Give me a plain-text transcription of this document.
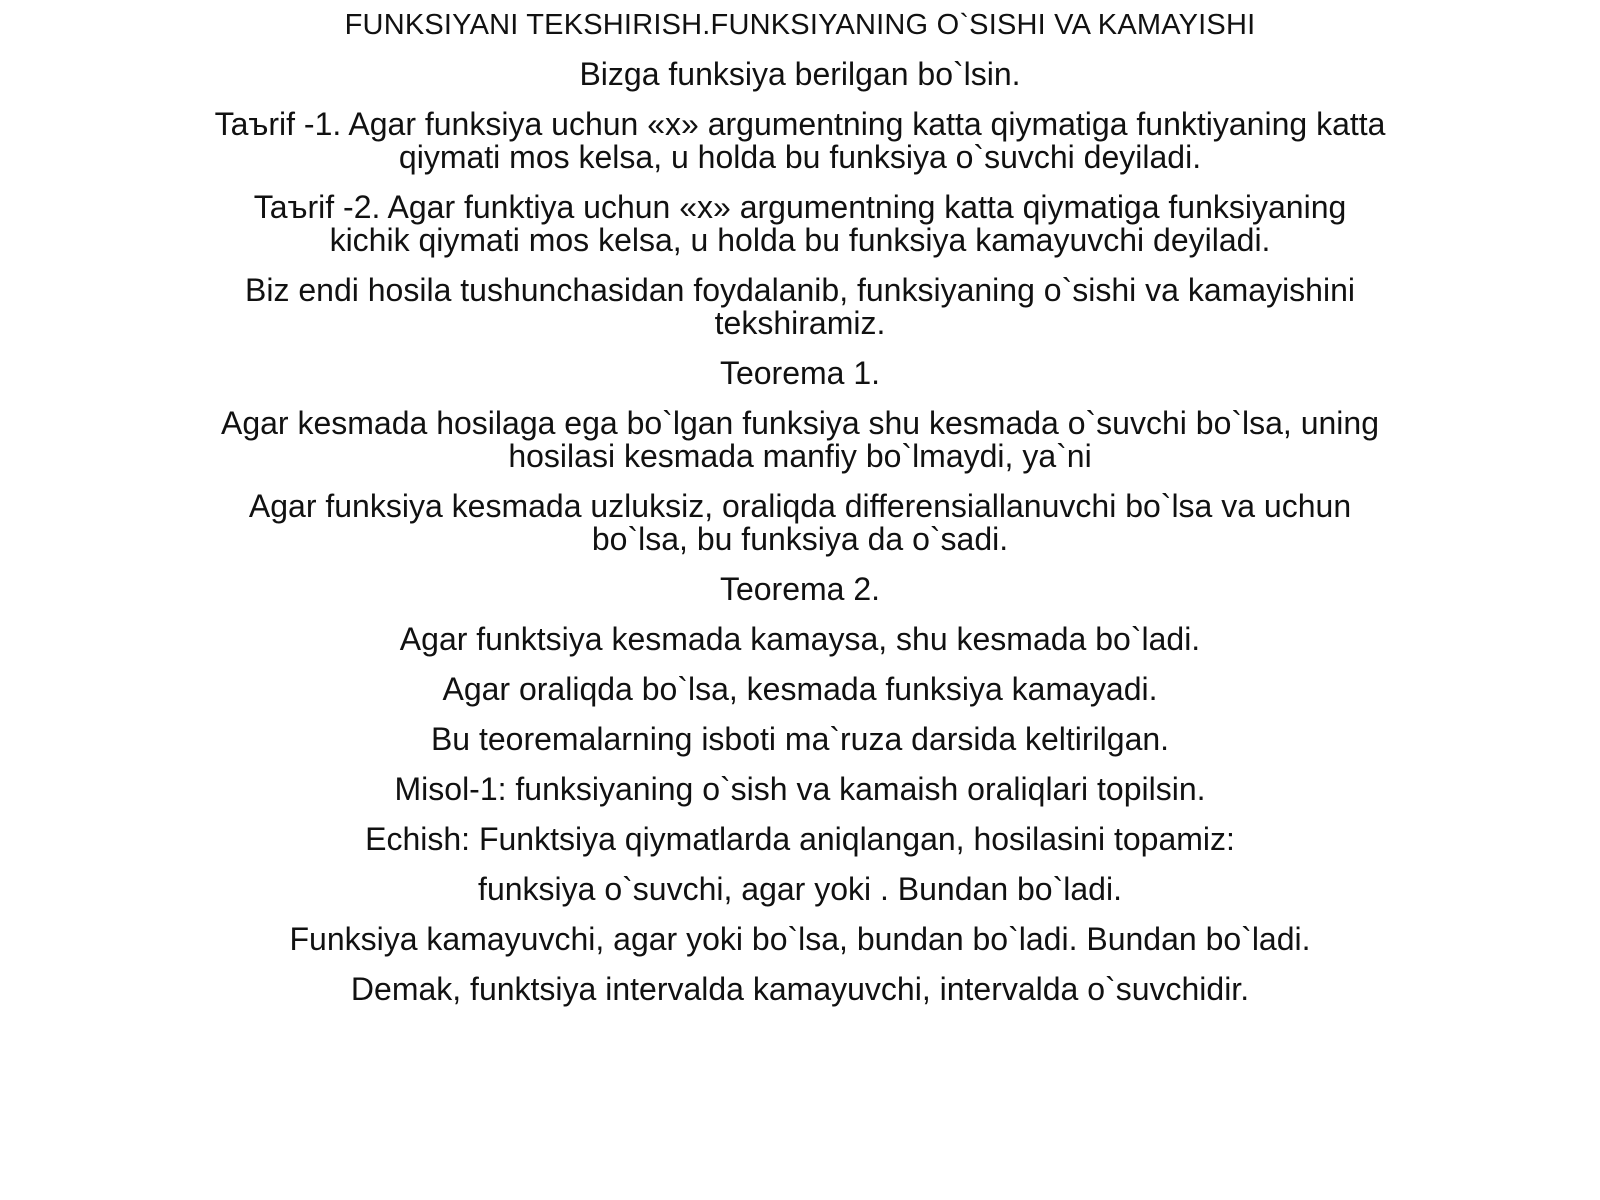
FUNKSIYANI TEKSHIRISH.FUNKSIYANING O`SISHI VA KAMAYISHI

Bizga funksiya berilgan bo`lsin.

Taъrif -1. Agar funksiya uchun «x» argumentning katta qiymatiga funktiyaning katta qiymati mos kelsa, u holda bu funksiya o`suvchi deyiladi.

Taъrif -2. Agar funktiya uchun «x» argumentning katta qiymatiga funksiyaning kichik qiymati mos kelsa, u holda bu funksiya kamayuvchi deyiladi.

Biz endi hosila tushunchasidan foydalanib, funksiyaning o`sishi va kamayishini tekshiramiz.

Teorema 1.

Agar kesmada hosilaga ega bo`lgan funksiya shu kesmada o`suvchi bo`lsa, uning hosilasi kesmada manfiy bo`lmaydi, ya`ni

Agar funksiya kesmada uzluksiz, oraliqda differensiallanuvchi bo`lsa va uchun bo`lsa, bu funksiya da o`sadi.

Teorema 2.

Agar funktsiya kesmada kamaysa, shu kesmada bo`ladi.

Agar oraliqda bo`lsa, kesmada funksiya kamayadi.

Bu teoremalarning isboti ma`ruza darsida keltirilgan.

Misol-1: funksiyaning o`sish va kamaish oraliqlari topilsin.

Echish: Funktsiya qiymatlarda aniqlangan, hosilasini topamiz:

funksiya o`suvchi, agar yoki . Bundan bo`ladi.

Funksiya kamayuvchi, agar yoki bo`lsa, bundan bo`ladi. Bundan bo`ladi.

Demak, funktsiya intervalda kamayuvchi, intervalda o`suvchidir.
